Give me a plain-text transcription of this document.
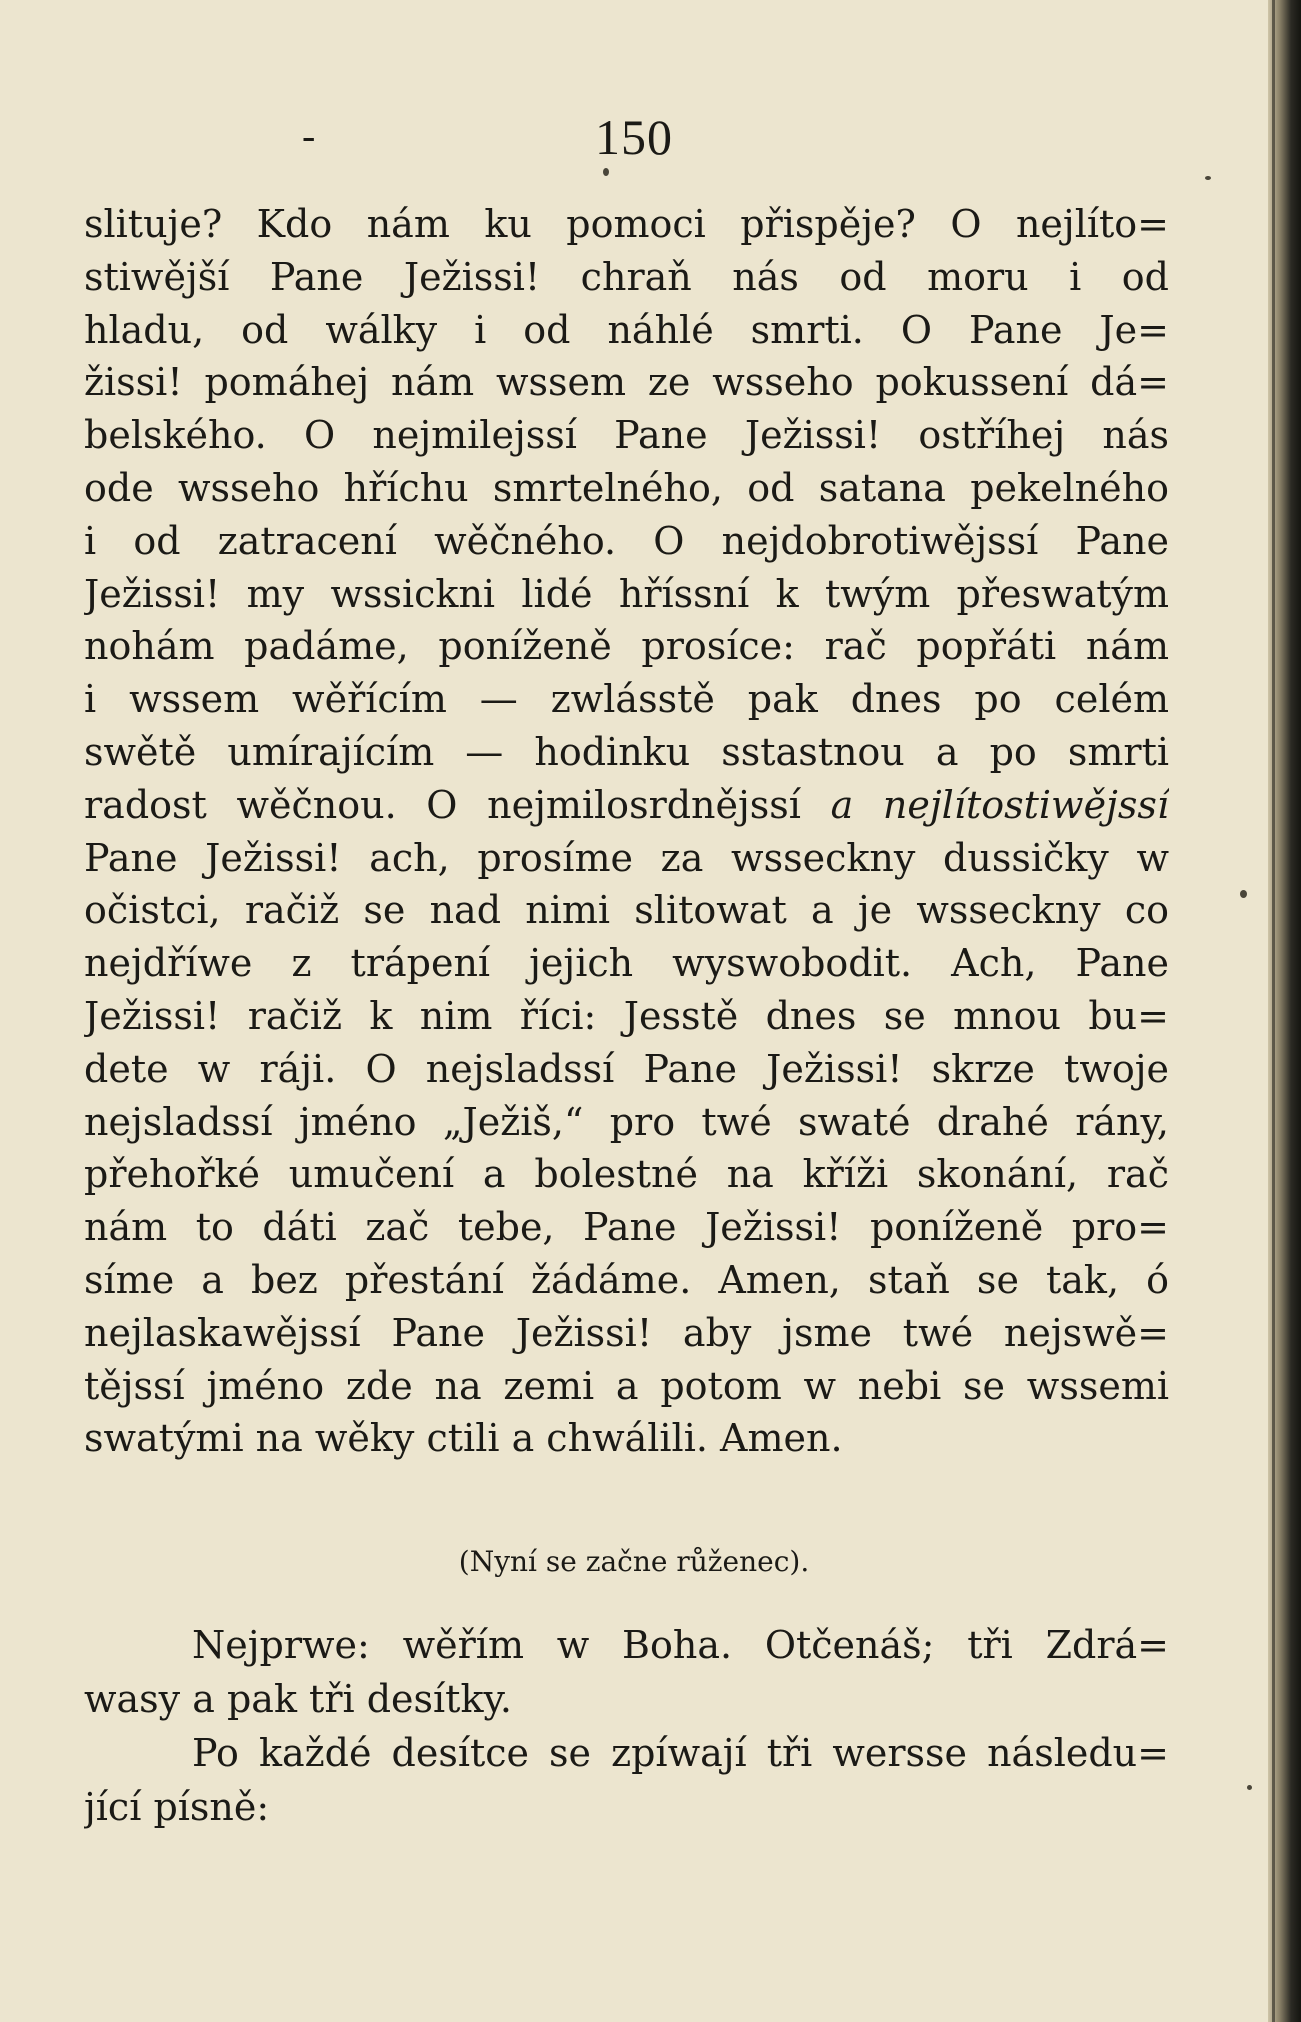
-	150
slituje? Kdo nám ku pomoci přispěje? O nejlíto=
stiwější Pane Ježissi! chraň nás od moru i od
hladu, od wálky i od náhlé smrti. O Pane Je=
žissi! pomáhej nám wssem ze wsseho pokussení dá=
belského. O nejmilejssí Pane Ježissi! ostříhej nás
ode wsseho hříchu smrtelného, od satana pekelného
i od zatracení wěčného. O nejdobrotiwějssí Pane
Ježissi! my wssickni lidé hříssní k twým přeswatým
nohám padáme, poníženě prosíce: rač popřáti nám
i wssem wěřícím — zwlásstě pak dnes po celém
swětě umírajícím — hodinku sstastnou a po smrti
radost wěčnou. O nejmilosrdnějssí a nejlítostiwějssí
Pane Ježissi! ach, prosíme za wsseckny dussičky w
očistci, račiž se nad nimi slitowat a je wsseckny co
nejdříwe z trápení jejich wyswobodit. Ach, Pane
Ježissi! račiž k nim říci: Jesstě dnes se mnou bu=
dete w ráji. O nejsladssí Pane Ježissi! skrze twoje
nejsladssí jméno „Ježiš,“ pro twé swaté drahé rány,
přehořké umučení a bolestné na kříži skonání, rač
nám to dáti zač tebe, Pane Ježissi! poníženě pro=
síme a bez přestání žádáme. Amen, staň se tak, ó
nejlaskawějssí Pane Ježissi! aby jsme twé nejswě=
tějssí jméno zde na zemi a potom w nebi se wssemi
swatými na wěky ctili a chwálili. Amen.
(Nyní se začne růženec).
Nejprwe: wěřím w Boha. Otčenáš; tři Zdrá=
wasy a pak tři desítky.
Po každé desítce se zpíwají tři wersse následu=
jící písně:
